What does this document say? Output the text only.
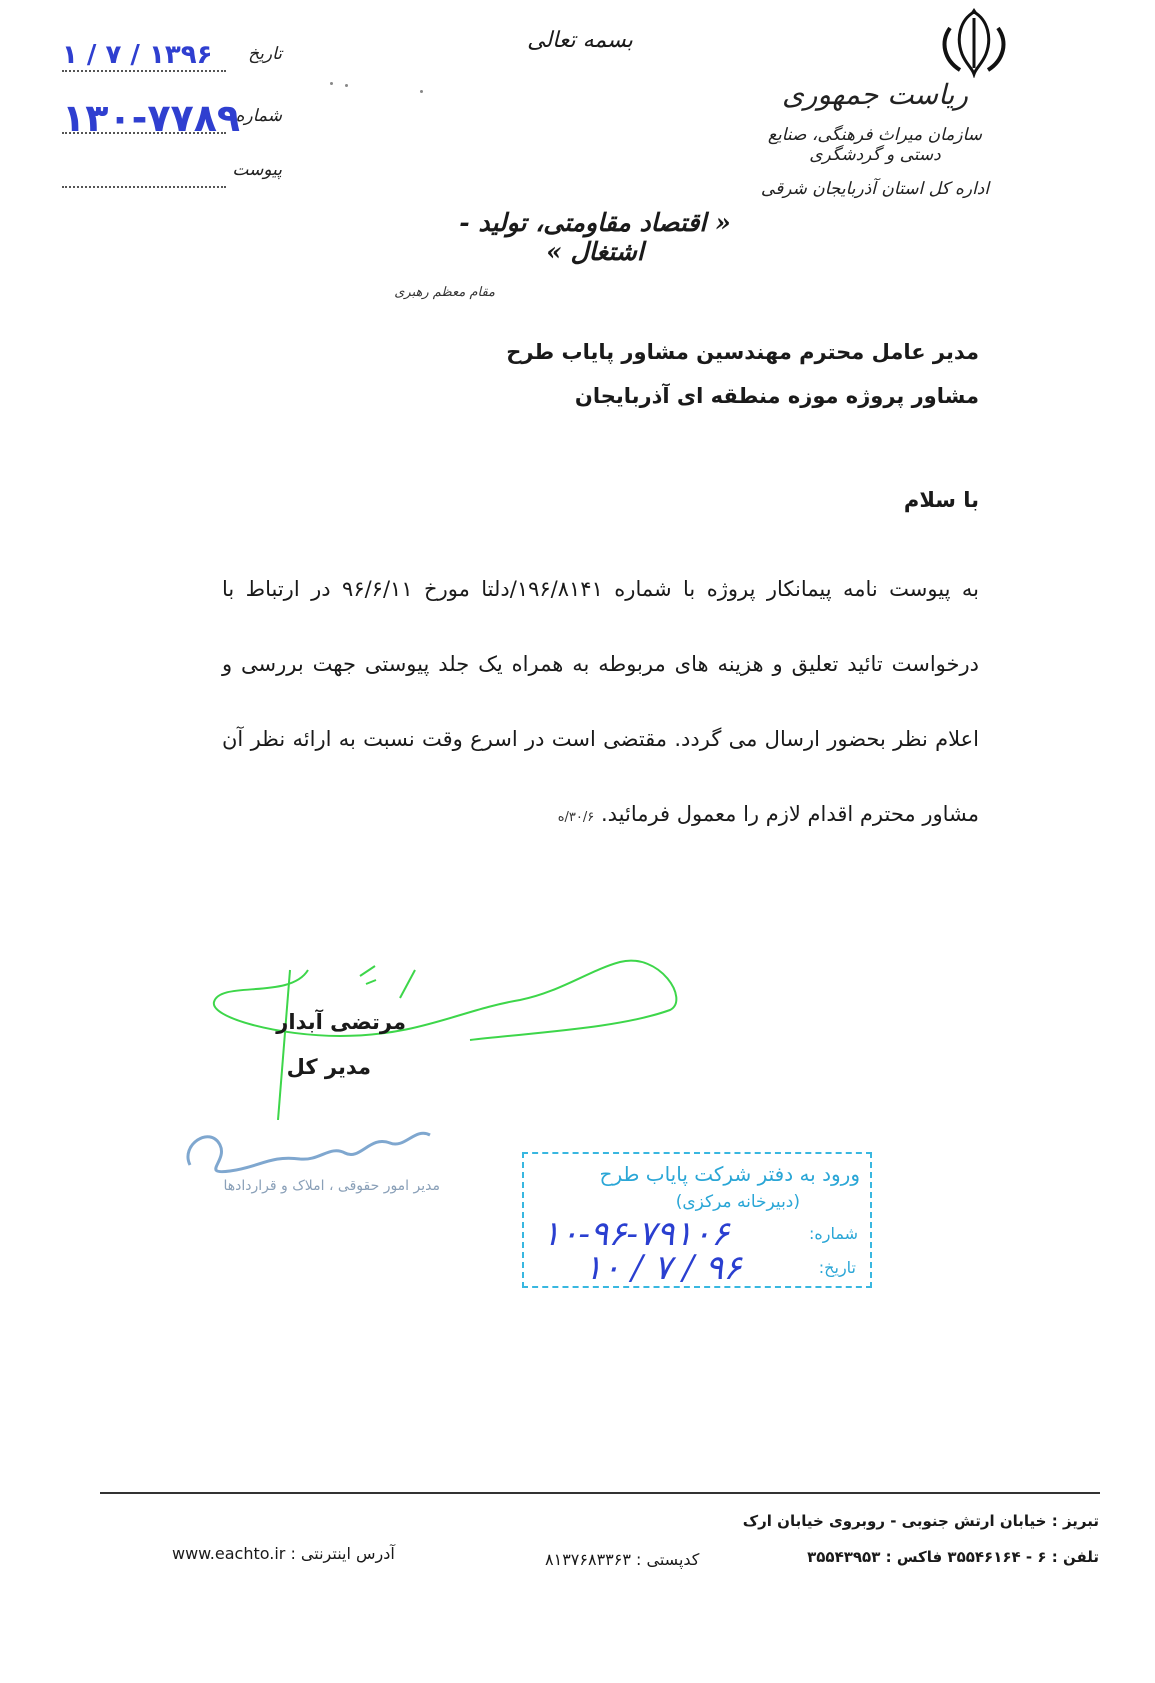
بسمه تعالی
ریاست جمهوری
سازمان میراث فرهنگی، صنایع دستی و گردشگری
اداره کل استان آذربایجان شرقی
« اقتصاد مقاومتی، تولید - اشتغال »
مقام معظم رهبری
تاریخ
۱۳۹۶ / ۷ / ۱
شماره
۱۳۰-۷۷۸۹
پیوست
مدیر عامل محترم مهندسین مشاور پایاب طرح
مشاور پروژه موزه منطقه ای آذربایجان
با سلام
به پیوست نامه پیمانکار پروژه با شماره ۱۹۶/۸۱۴۱/دلتا مورخ ۹۶/۶/۱۱ در ارتباط با درخواست تائید تعلیق و هزینه های مربوطه به همراه یک جلد پیوستی جهت بررسی و اعلام نظر بحضور ارسال می گردد. مقتضی است در اسرع وقت نسبت به ارائه نظر آن مشاور محترم اقدام لازم را معمول فرمائید. ۳۰/۶/ه
مرتضی آبدار
مدیر کل
مدیر امور حقوقی ، املاک و قراردادها	ورود به دفتر شرکت پایاب طرح
(دبیرخانه مرکزی)
شماره:
تاریخ:
۱۰-۹۶-۷۹۱۰۶
۹۶ / ۷ / ۱۰
تبریز : خیابان ارتش جنوبی - روبروی خیابان ارک
تلفن : ۶ - ۳۵۵۴۶۱۶۴ فاکس : ۳۵۵۴۳۹۵۳
کدپستی : ۸۱۳۷۶۸۳۳۶۳
آدرس اینترنتی : www.eachto.ir
